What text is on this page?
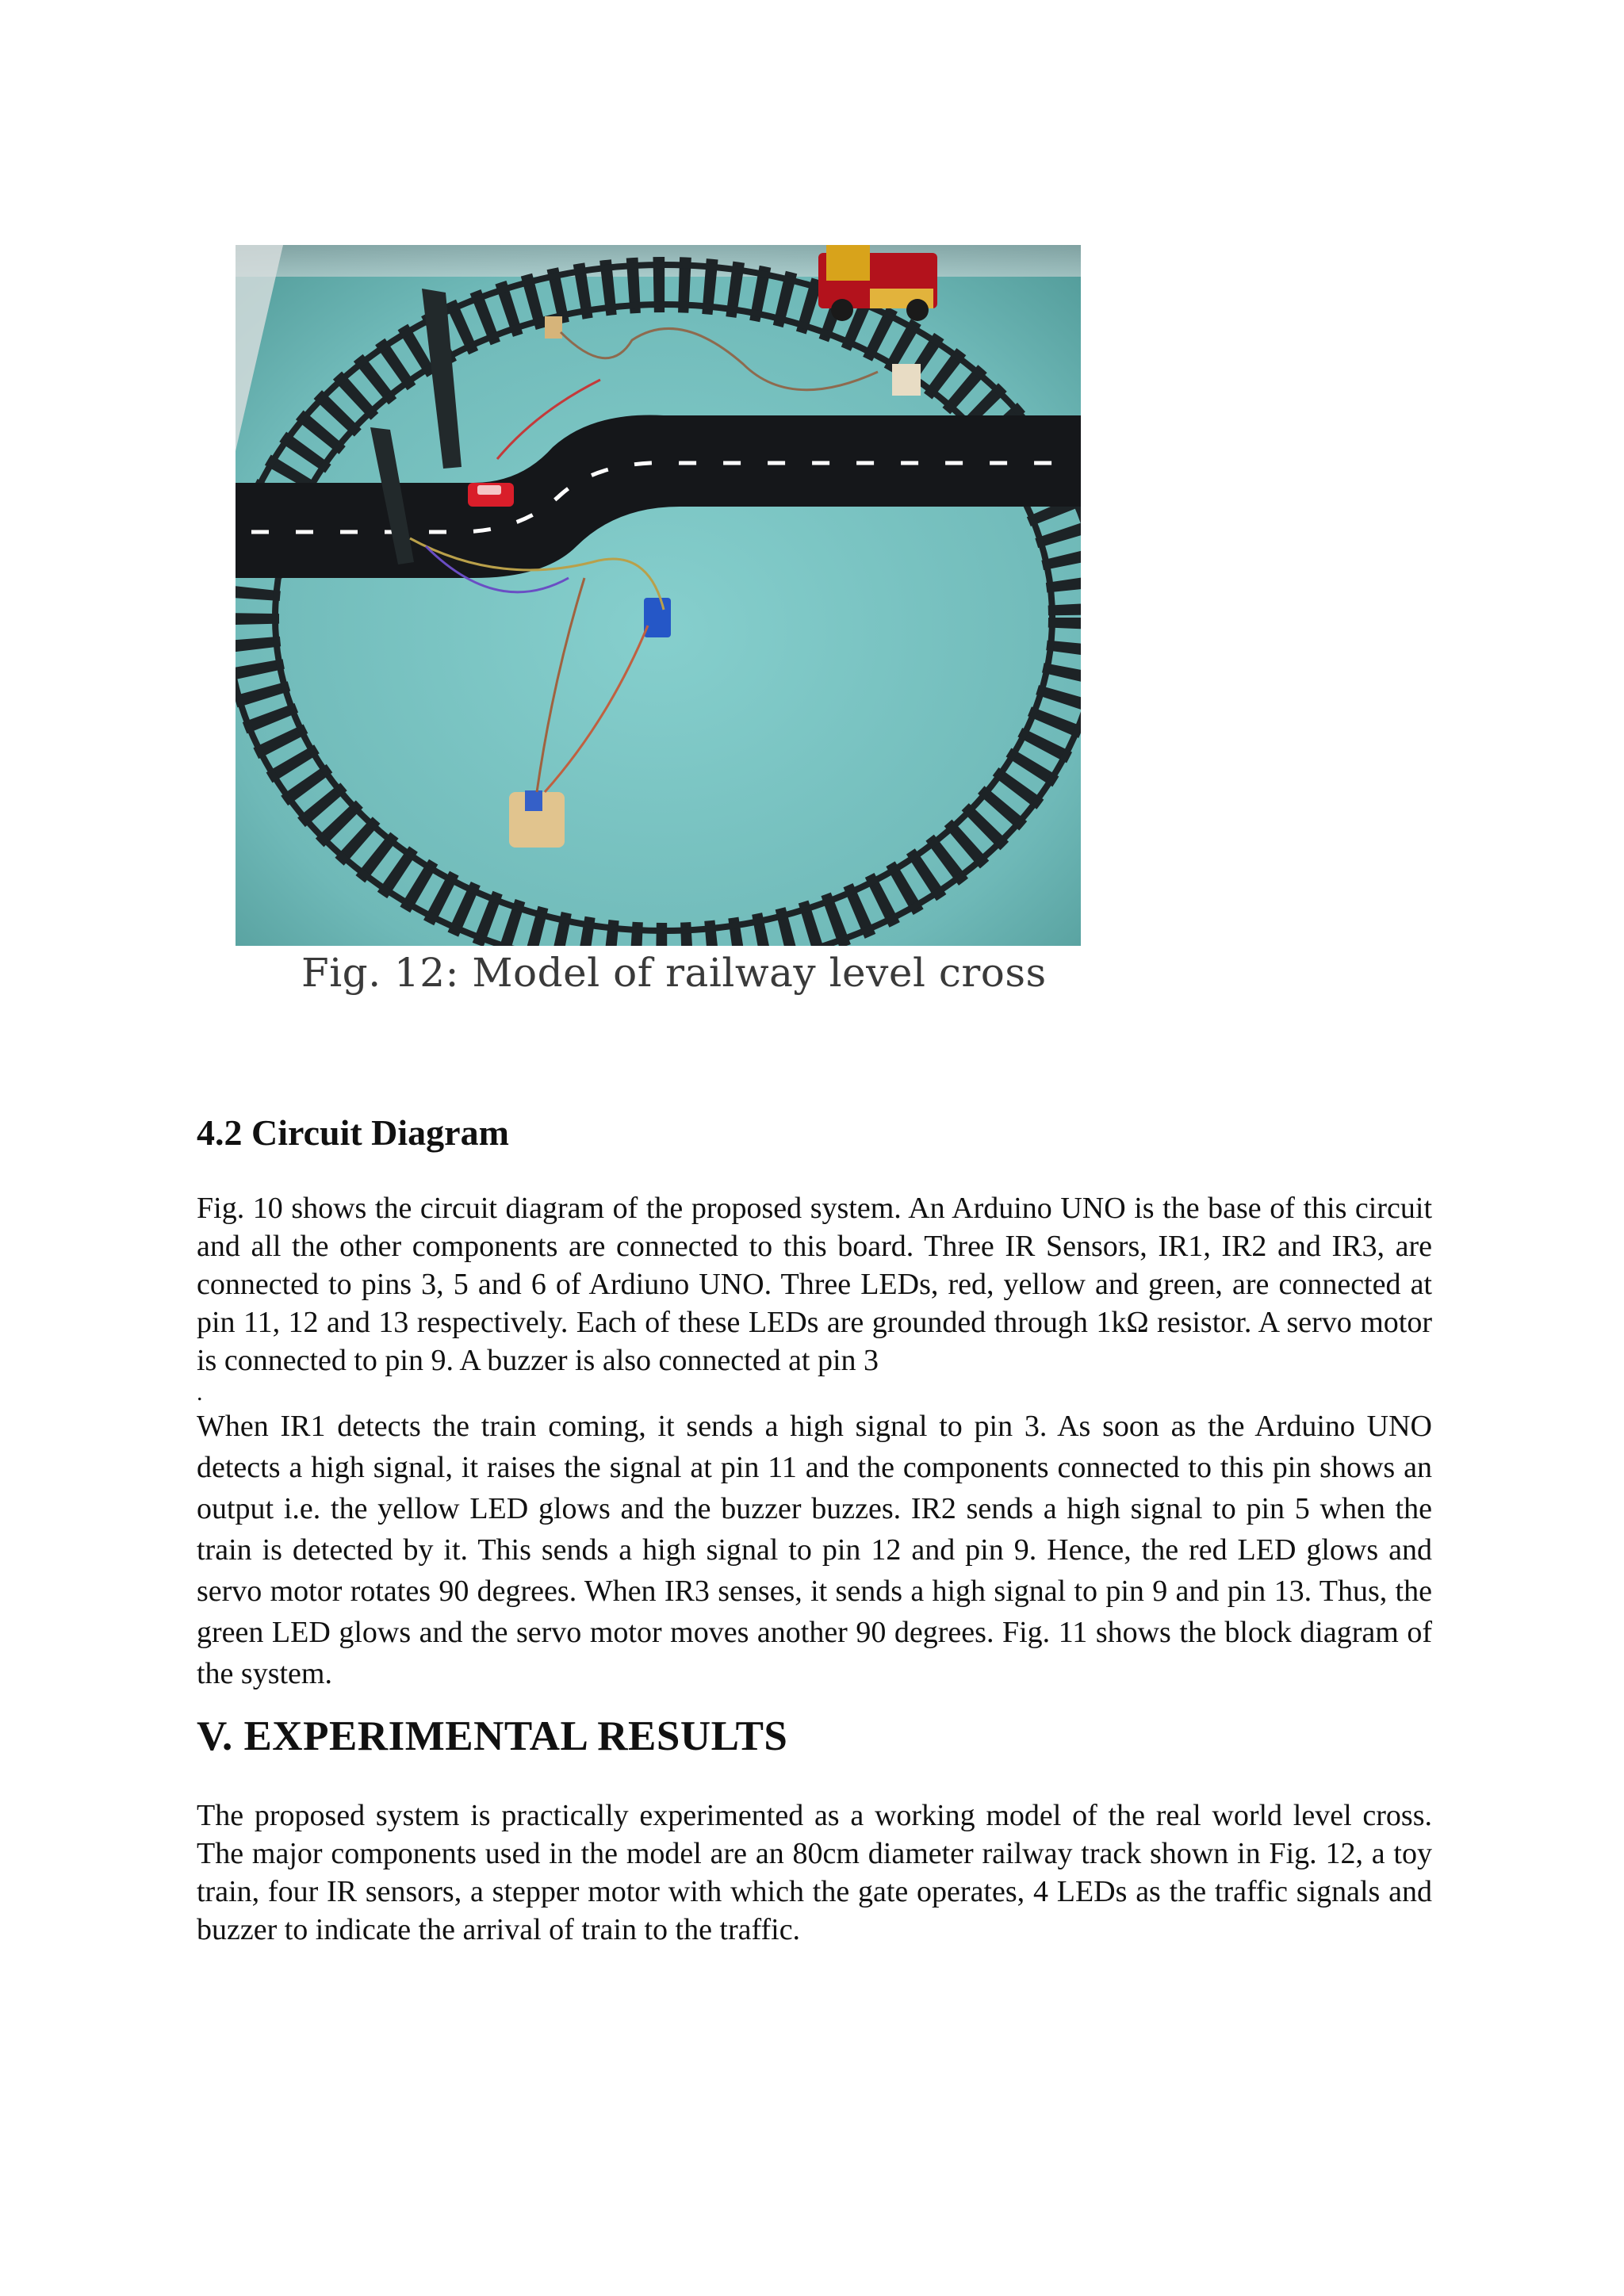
Fig. 12: Model of railway level cross
4.2 Circuit Diagram
Fig. 10 shows the circuit diagram of the proposed system. An Arduino UNO is the base of this circuit and all the other components are connected to this board. Three IR Sensors, IR1, IR2 and IR3, are connected to pins 3, 5 and 6 of Ardiuno UNO. Three LEDs, red, yellow and green, are connected at pin 11, 12 and 13 respectively. Each of these LEDs are grounded through 1kΩ resistor. A servo motor is connected to pin 9. A buzzer is also connected at pin 3
.
When IR1 detects the train coming, it sends a high signal to pin 3. As soon as the Arduino UNO detects a high signal, it raises the signal at pin 11 and the components connected to this pin shows an output i.e. the yellow LED glows and the buzzer buzzes. IR2 sends a high signal to pin 5 when the train is detected by it. This sends a high signal to pin 12 and pin 9. Hence, the red LED glows and servo motor rotates 90 degrees. When IR3 senses, it sends a high signal to pin 9 and pin 13. Thus, the green LED glows and the servo motor moves another 90 degrees. Fig. 11 shows the block diagram of the system.
V. EXPERIMENTAL RESULTS
The proposed system is practically experimented as a working model of the real world level cross. The major components used in the model are an 80cm diameter railway track shown in Fig. 12, a toy train, four IR sensors, a stepper motor with which the gate operates, 4 LEDs as the traffic signals and buzzer to indicate the arrival of train to the traffic.
